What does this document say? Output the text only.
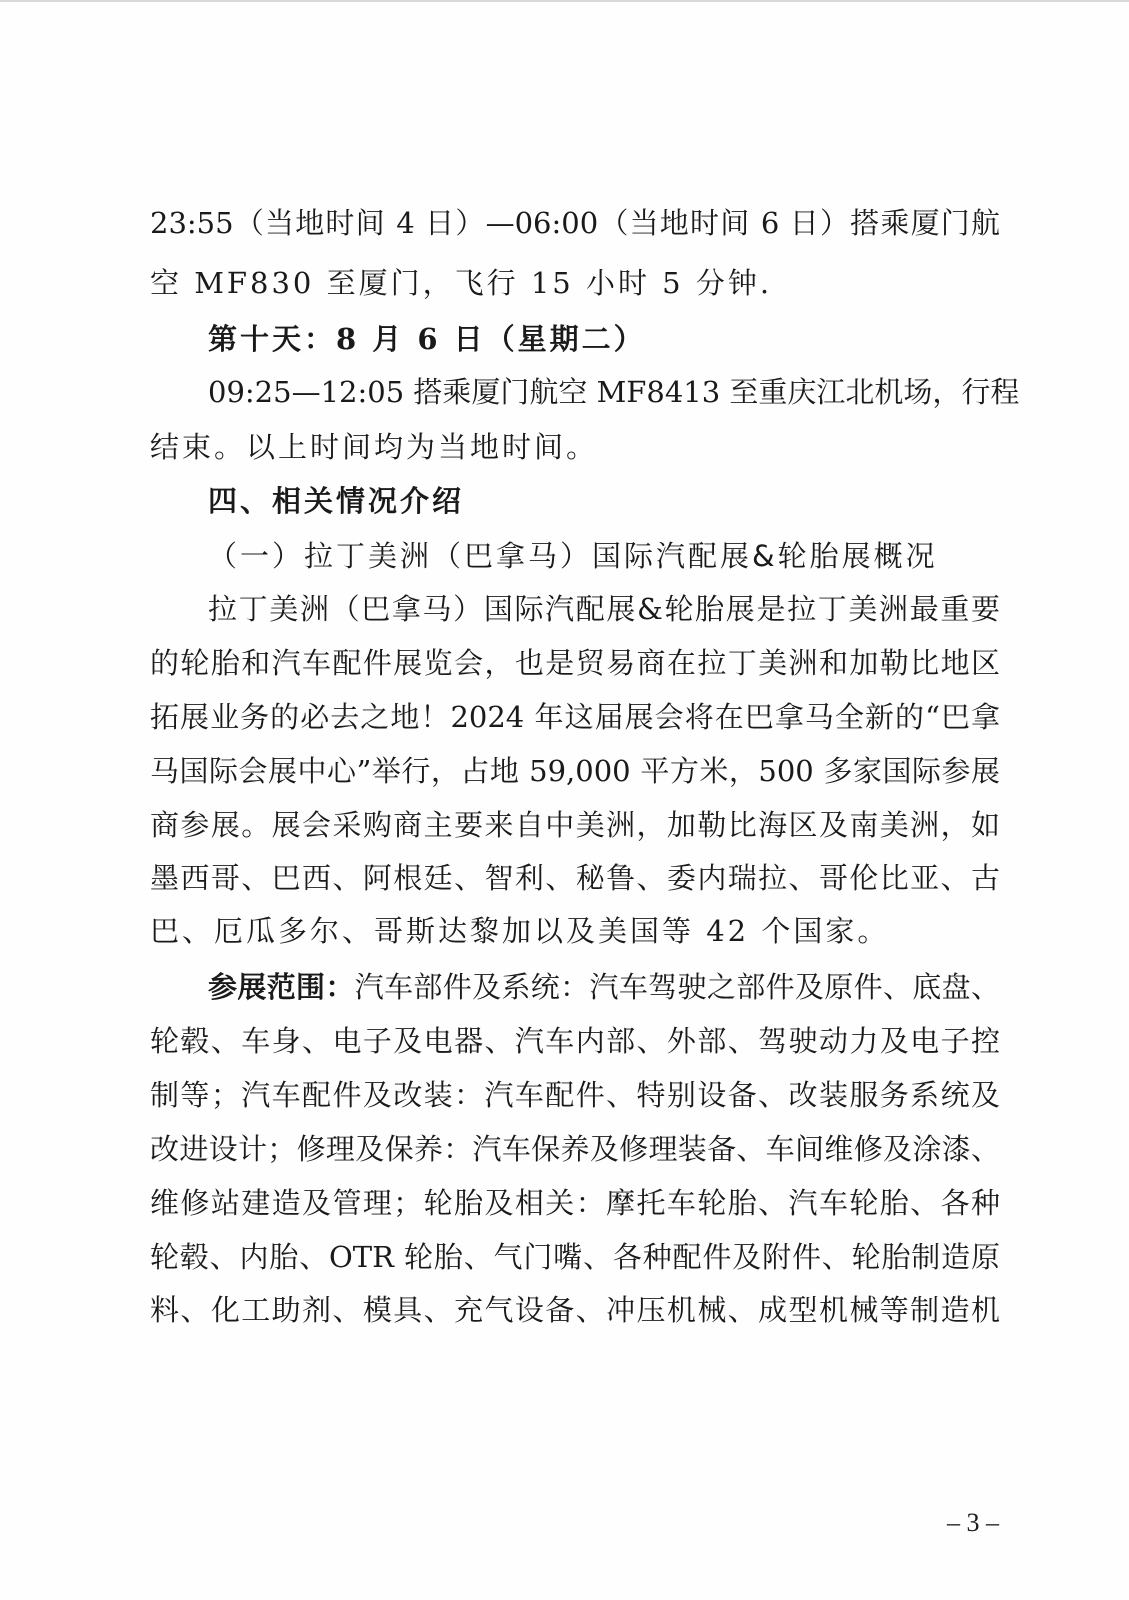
23:55（当地时间 4 日）—06:00（当地时间 6 日）搭乘厦门航
空 MF830 至厦门，飞行 15 小时 5 分钟.
第十天：8 月 6 日（星期二）
09:25—12:05 搭乘厦门航空 MF8413 至重庆江北机场，行程
结束。以上时间均为当地时间。
四、相关情况介绍
（一）拉丁美洲（巴拿马）国际汽配展&轮胎展概况
拉丁美洲（巴拿马）国际汽配展&轮胎展是拉丁美洲最重要
的轮胎和汽车配件展览会，也是贸易商在拉丁美洲和加勒比地区
拓展业务的必去之地！2024 年这届展会将在巴拿马全新的“巴拿
马国际会展中心”举行，占地 59,000 平方米，500 多家国际参展
商参展。展会采购商主要来自中美洲，加勒比海区及南美洲，如
墨西哥、巴西、阿根廷、智利、秘鲁、委内瑞拉、哥伦比亚、古
巴、厄瓜多尔、哥斯达黎加以及美国等 42 个国家。
参展范围：汽车部件及系统：汽车驾驶之部件及原件、底盘、
轮毂、车身、电子及电器、汽车内部、外部、驾驶动力及电子控
制等；汽车配件及改装：汽车配件、特别设备、改装服务系统及
改进设计；修理及保养：汽车保养及修理装备、车间维修及涂漆、
维修站建造及管理；轮胎及相关：摩托车轮胎、汽车轮胎、各种
轮毂、内胎、OTR 轮胎、气门嘴、各种配件及附件、轮胎制造原
料、化工助剂、模具、充气设备、冲压机械、成型机械等制造机
– 3 –
